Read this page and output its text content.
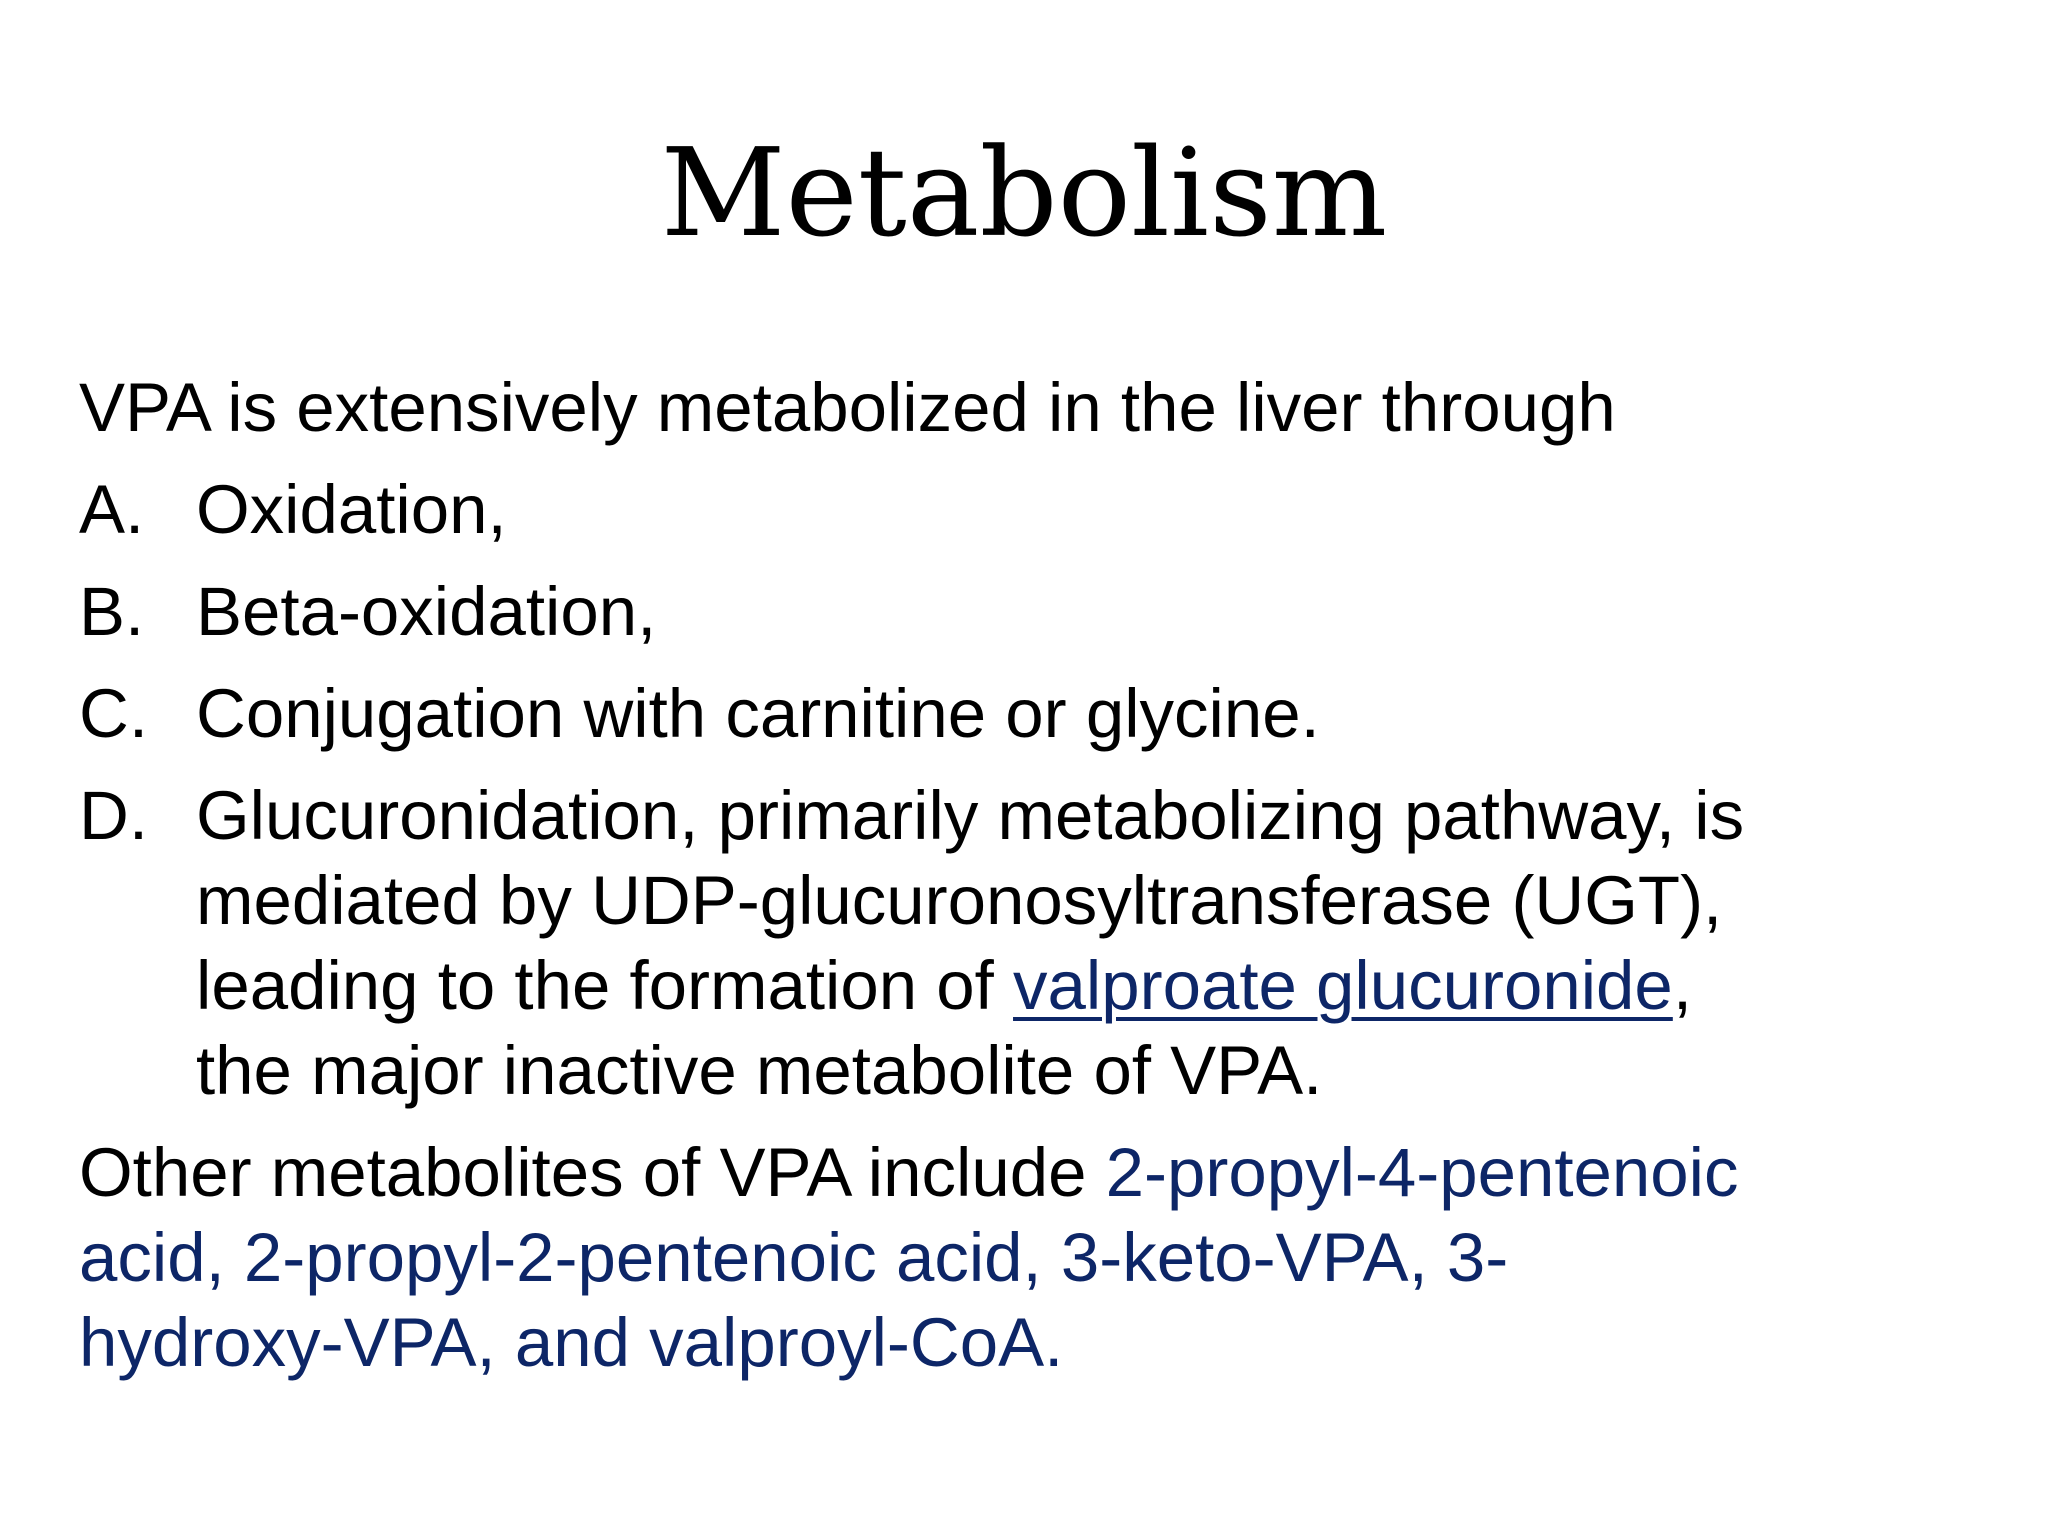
Metabolism

VPA is extensively metabolized in the liver through

A. Oxidation,
B. Beta-oxidation,
C. Conjugation with carnitine or glycine.
D. Glucuronidation, primarily metabolizing pathway, is
mediated by UDP-glucuronosyltransferase (UGT),
leading to the formation of valproate glucuronide,
the major inactive metabolite of VPA.
Other metabolites of VPA include 2-propyl-4-pentenoic
acid, 2-propyl-2-pentenoic acid, 3-keto-VPA, 3-
hydroxy-VPA, and valproyl-CoA.
